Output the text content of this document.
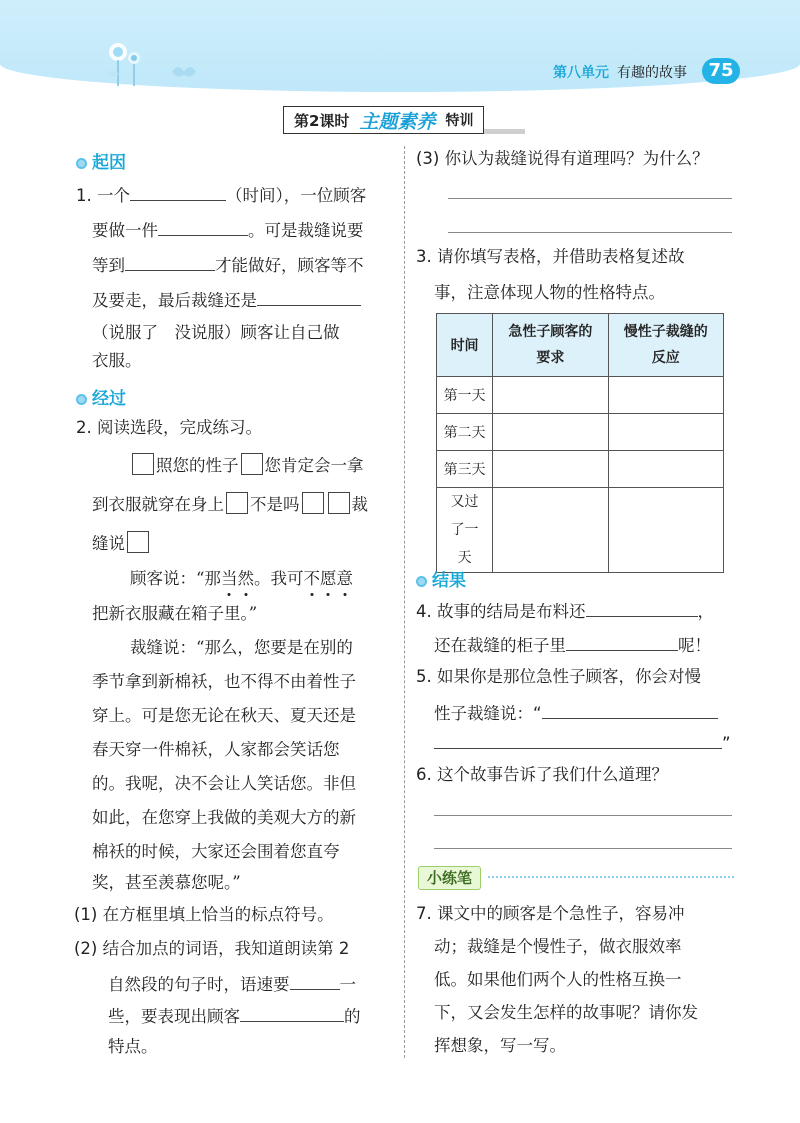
第八单元 有趣的故事	75
第2课时 主题素养 特训
起因
1. 一个	（时间），一位顾客
要做一件	。可是裁缝说要
等到	才能做好，顾客等不
及要走，最后裁缝还是
（说服了　没说服）顾客让自己做
衣服。
经过
2. 阅读选段，完成练习。
照您的性子 您肯定会一拿
到衣服就穿在身上 不是吗	裁
缝说
顾客说：“那当然。我可不愿意
把新衣服藏在箱子里。”
裁缝说：“那么，您要是在别的
季节拿到新棉袄，也不得不由着性子
穿上。可是您无论在秋天、夏天还是
春天穿一件棉袄，人家都会笑话您
的。我呢，决不会让人笑话您。非但
如此，在您穿上我做的美观大方的新
棉袄的时候，大家还会围着您直夸
奖，甚至羡慕您呢。”
(1) 在方框里填上恰当的标点符号。
(2) 结合加点的词语，我知道朗读第 2
自然段的句子时，语速要	一
些，要表现出顾客	的
特点。
(3) 你认为裁缝说得有道理吗？为什么？
3. 请你填写表格，并借助表格复述故
事，注意体现人物的性格特点。
时间	急性子顾客的要求	慢性子裁缝的反应
第一天		
第二天		
第三天		
又过了一天		
结果
4. 故事的结局是布料还	，
还在裁缝的柜子里	呢！
5. 如果你是那位急性子顾客，你会对慢
性子裁缝说：“
”
6. 这个故事告诉了我们什么道理？
小练笔
7. 课文中的顾客是个急性子，容易冲
动；裁缝是个慢性子，做衣服效率
低。如果他们两个人的性格互换一
下，又会发生怎样的故事呢？请你发
挥想象，写一写。
